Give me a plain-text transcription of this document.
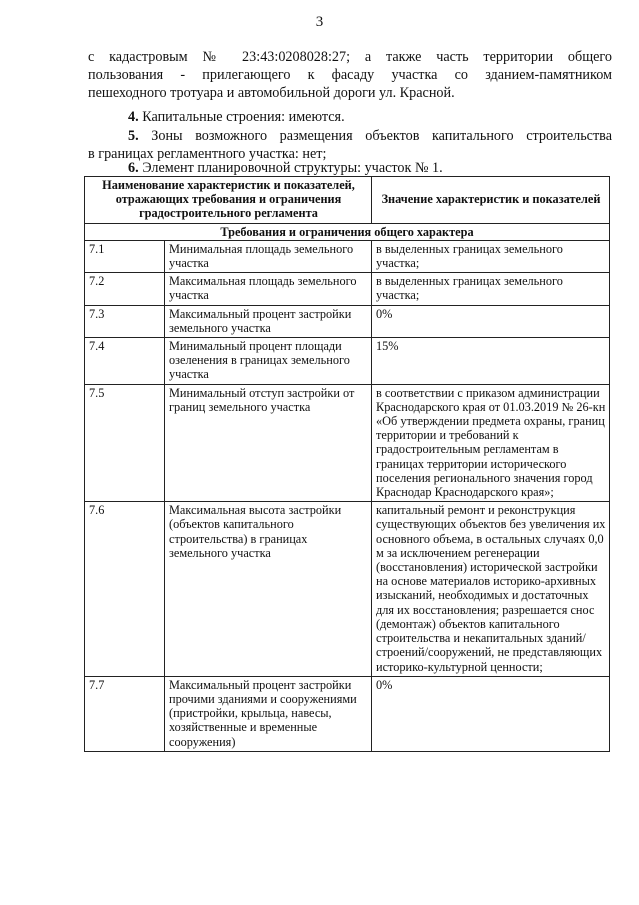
3
с кадастровым № 23:43:0208028:27; а также часть территории общего
пользования - прилегающего к фасаду участка со зданием-памятником
пешеходного тротуара и автомобильной дороги ул. Красной.
4. Капитальные строения: имеются.
5. Зоны возможного размещения объектов капитального строительства
в границах регламентного участка: нет;
6. Элемент планировочной структуры: участок № 1.
Наименование характеристик и показателей, отражающих требования и ограничения градостроительного регламента		Значение характеристик и показателей
Требования и ограничения общего характера		
7.1	Минимальная площадь земельного участка	в выделенных границах земельного участка;
7.2	Максимальная площадь земельного участка	в выделенных границах земельного участка;
7.3	Максимальный процент застройки земельного участка	0%
7.4	Минимальный процент площади озеленения в границах земельного участка	15%
7.5	Минимальный отступ застройки от границ земельного участка	в соответствии с приказом администрации Краснодарского края от 01.03.2019 № 26-кн «Об утверждении предмета охраны, границ территории и требований к градостроительным регламентам в границах территории исторического поселения регионального значения город Краснодар Краснодарского края»;
7.6	Максимальная высота застройки (объектов капитального строительства) в границах земельного участка	капитальный ремонт и реконструкция существующих объектов без увеличения их основного объема, в остальных случаях 0,0 м за исключением регенерации (восстановления) исторической застройки на основе материалов историко-архивных изысканий, необходимых и достаточных для их восстановления; разрешается снос (демонтаж) объектов капитального строительства и некапитальных зданий/строений/сооружений, не представляющих историко-культурной ценности;
7.7	Максимальный процент застройки прочими зданиями и сооружениями (пристройки, крыльца, навесы, хозяйственные и временные сооружения)	0%
